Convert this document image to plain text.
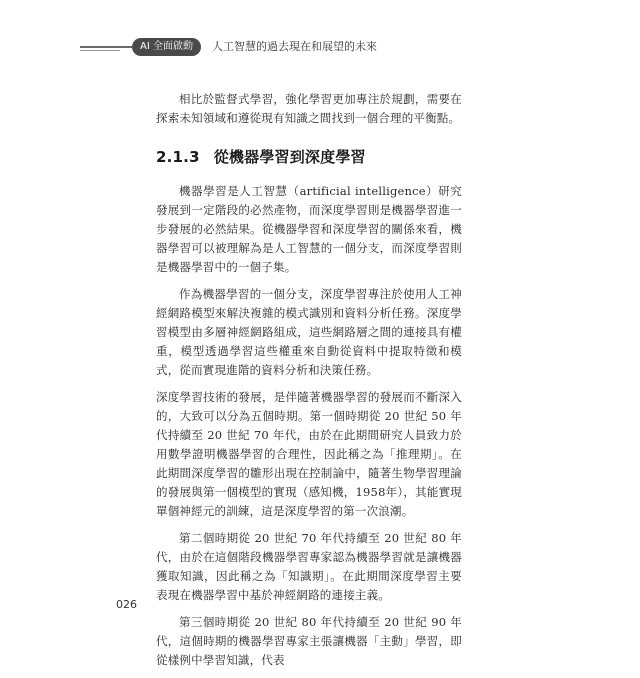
AI 全面啟動	人工智慧的過去現在和展望的未來

相比於監督式學習，強化學習更加專注於規劃，需要在探索未知領域和遵從現有知識之間找到一個合理的平衡點。

2.1.3 從機器學習到深度學習

機器學習是人工智慧（artificial intelligence）研究發展到一定階段的必然產物，而深度學習則是機器學習進一步發展的必然結果。從機器學習和深度學習的關係來看，機器學習可以被理解為是人工智慧的一個分支，而深度學習則是機器學習中的一個子集。

作為機器學習的一個分支，深度學習專注於使用人工神經網路模型來解決複雜的模式識別和資料分析任務。深度學習模型由多層神經網路組成，這些網路層之間的連接具有權重，模型透過學習這些權重來自動從資料中提取特徵和模式，從而實現進階的資料分析和決策任務。

深度學習技術的發展，是伴隨著機器學習的發展而不斷深入的，大致可以分為五個時期。第一個時期從 20 世紀 50 年代持續至 20 世紀 70 年代，由於在此期間研究人員致力於用數學證明機器學習的合理性，因此稱之為「推理期」。在此期間深度學習的雛形出現在控制論中，隨著生物學習理論的發展與第一個模型的實現（感知機，1958年），其能實現單個神經元的訓練，這是深度學習的第一次浪潮。

第二個時期從 20 世紀 70 年代持續至 20 世紀 80 年代，由於在這個階段機器學習專家認為機器學習就是讓機器獲取知識，因此稱之為「知識期」。在此期間深度學習主要表現在機器學習中基於神經網路的連接主義。

第三個時期從 20 世紀 80 年代持續至 20 世紀 90 年代，這個時期的機器學習專家主張讓機器「主動」學習，即從樣例中學習知識，代表

026
